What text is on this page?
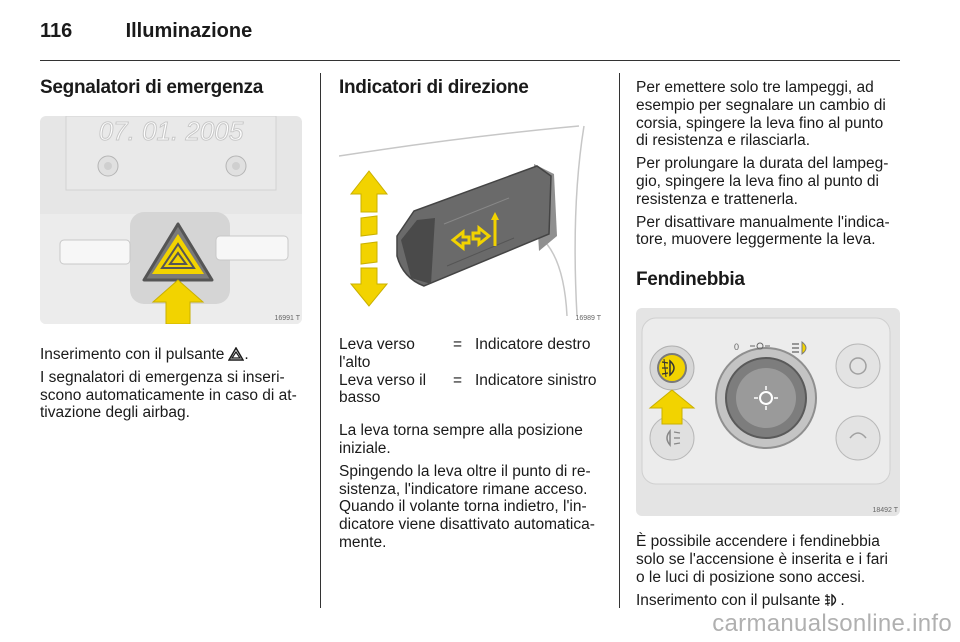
116	Illuminazione
Segnalatori di emergenza
07. 01. 2005
16991 T

Inserimento con il pulsante .

I segnalatori di emergenza si inseri-
scono automaticamente in caso di at-
tivazione degli airbag.

Indicatori di direzione
16989 T
Leva verso
l'alto
= Indicatore destro
Leva verso il
basso
= Indicatore sinistro

La leva torna sempre alla posizione
iniziale.

Spingendo la leva oltre il punto di re-
sistenza, l'indicatore rimane acceso.
Quando il volante torna indietro, l'in-
dicatore viene disattivato automatica-
mente.

Per emettere solo tre lampeggi, ad
esempio per segnalare un cambio di
corsia, spingere la leva fino al punto
di resistenza e rilasciarla.

Per prolungare la durata del lampeg-
gio, spingere la leva fino al punto di
resistenza e trattenerla.

Per disattivare manualmente l'indica-
tore, muovere leggermente la leva.

Fendinebbia
0
18492 T

È possibile accendere i fendinebbia
solo se l'accensione è inserita e i fari
o le luci di posizione sono accesi.

Inserimento con il pulsante .

carmanualsonline.info
